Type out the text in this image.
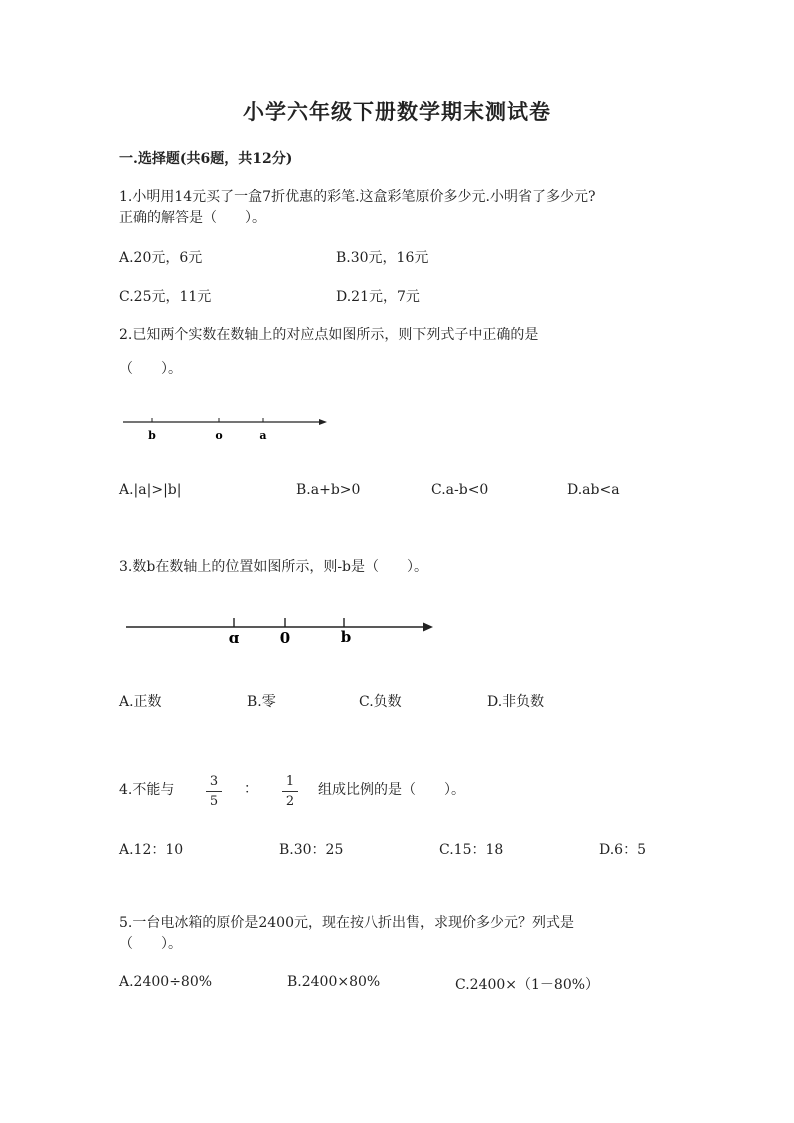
小学六年级下册数学期末测试卷
一.选择题(共6题，共12分)
1.小明用14元买了一盒7折优惠的彩笔.这盒彩笔原价多少元.小明省了多少元?
正确的解答是（　　）。
A.20元，6元	B.30元，16元
C.25元，11元	D.21元，7元
2.已知两个实数在数轴上的对应点如图所示，则下列式子中正确的是
（　　）。
b	o	a
A.|a|>|b|	B.a+b>0	C.a-b<0	D.ab<a
3.数b在数轴上的位置如图所示，则-b是（　　）。
ɑ	0	b
A.正数	B.零	C.负数	D.非负数
4.不能与
3
5
： 1
2
组成比例的是（　　）。
A.12：10	B.30：25	C.15：18	D.6：5
5.一台电冰箱的原价是2400元，现在按八折出售，求现价多少元？列式是
（　　）。
A.2400÷80%	B.2400×80%	C.2400×（1－80%）
